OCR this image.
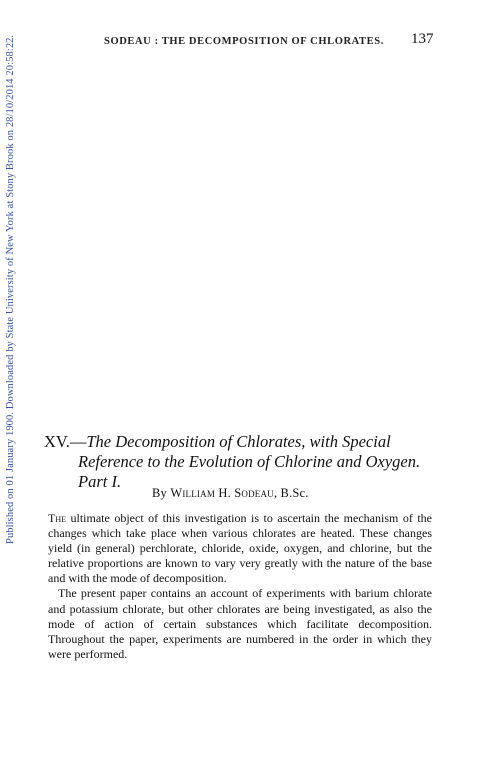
Published on 01 January 1900. Downloaded by State University of New York at Stony Brook on 28/10/2014 20:58:22.	SODEAU : THE DECOMPOSITION OF CHLORATES.	137
XV.—The Decomposition of Chlorates, with Special
Reference to the Evolution of Chlorine and Oxygen.
Part I.
By William H. Sodeau, B.Sc.

The ultimate object of this investigation is to ascertain the mechanism of the changes which take place when various chlorates are heated. These changes yield (in general) perchlorate, chloride, oxide, oxygen, and chlorine, but the relative proportions are known to vary very greatly with the nature of the base and with the mode of decomposition.

The present paper contains an account of experiments with barium chlorate and potassium chlorate, but other chlorates are being investigated, as also the mode of action of certain substances which facilitate decomposition. Throughout the paper, experiments are numbered in the order in which they were performed.
